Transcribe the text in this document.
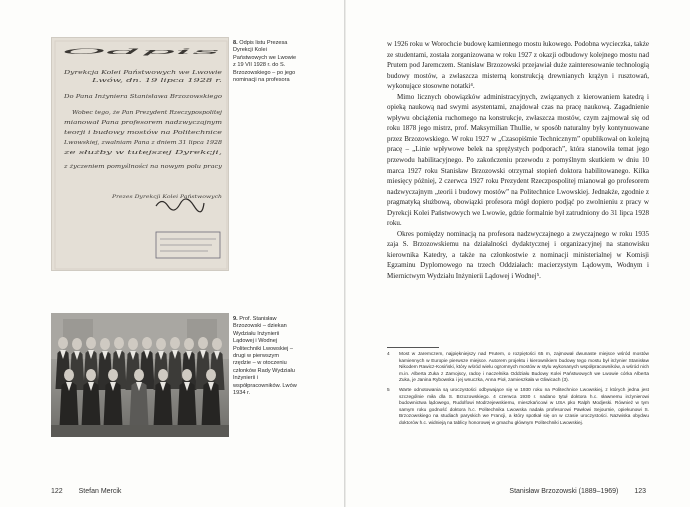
Odpis
Dyrekcja Kolei Państwowych we Lwowie
Lwów, dn. 19 lipca 1928 r.
Do Pana Inżyniera Stanisława Brzozowskiego
Wobec tego, że Pan Prezydent Rzeczypospolitej
mianował Pana profesorem nadzwyczajnym
teorji i budowy mostów na Politechnice
Lwowskiej, zwalniam Pana z dniem 31 lipca 1928
ze służby w tutejszej Dyrekcji,
z życzeniem pomyślności na nowym polu pracy
Prezes Dyrekcji Kolei Państwowych
8. Odpis listu Prezesa Dyrekcji Kolei Państwowych we Lwowie z 19 VII 1928 r. do S. Brzozowskiego – po jego nominacji na profesora
9. Prof. Stanisław Brzozowski – dziekan Wydziału Inżynierii Lądowej i Wodnej Politechniki Lwowskiej – drugi w pierwszym rzędzie – w otoczeniu członków Rady Wydziału Inżynierii i współpracowników. Lwów 1934 r.
122 Stefan Mercik

w 1926 roku w Worochcie budowę kamiennego mostu łukowego. Podobna wycieczka, także ze studentami, została zorganizowana w roku 1927 z okazji odbudowy kolejnego mostu nad Prutem pod Jaremczem. Stanisław Brzozowski przejawiał duże zainteresowanie technologią budowy mostów, a zwłaszcza misterną konstrukcją drewnianych krążyn i rusztowań, wykonujące stosowne notatki⁴.

Mimo licznych obowiązków administracyjnych, związanych z kierowaniem katedrą i opieką naukową nad swymi asystentami, znajdował czas na pracę naukową. Zagadnienie wpływu obciążenia ruchomego na konstrukcje, zwłaszcza mostów, czym zajmował się od roku 1878 jego mistrz, prof. Maksymilian Thullie, w sposób naturalny były kontynuowane przez Brzozowskiego. W roku 1927 w „Czasopiśmie Technicznym” opublikował on kolejną pracę – „Linie wpływowe belek na sprężystych podporach”, która stanowiła temat jego przewodu habilitacyjnego. Po zakończeniu przewodu z pomyślnym skutkiem w dniu 10 marca 1927 roku Stanisław Brzozowski otrzymał stopień doktora habilitowanego. Kilka miesięcy później, 2 czerwca 1927 roku Prezydent Rzeczpospolitej mianował go profesorem nadzwyczajnym „teorii i budowy mostów” na Politechnice Lwowskiej. Jednakże, zgodnie z pragmatyką służbową, obowiązki profesora mógł dopiero podjąć po zwolnieniu z pracy w Dyrekcji Kolei Państwowych we Lwowie, gdzie formalnie był zatrudniony do 31 lipca 1928 roku.

Okres pomiędzy nominacją na profesora nadzwyczajnego a zwyczajnego w roku 1935 zaja S. Brzozowskiemu na działalności dydaktycznej i organizacyjnej na stanowisku kierownika Katedry, a także na członkostwie z nominacji ministerialnej w Komisji Egzaminu Dyplomowego na trzech Oddziałach: macierzystym Lądowym, Wodnym i Miernictwym Wydziału Inżynierii Lądowej i Wodnej⁵.

4	Most w Jaremczem, najpiękniejszy nad Prutem, o rozpiętości 65 m, zajmował dwunaste miejsce wśród mostów kamiennych w Europie pierwsze miejsce. Autorem projektu i kierownikiem budowy tego mostu był inżynier Stanisław Nikodem Rawicz-Kosiński, który wśród wielu ogromnych mostów w stylu wykonanych współpracowników, a wśród nich m.in. Alberta Zuka z Zamojscy, radcę i naczelnika Oddziału Budowy Kolei Państwowych we Lwowie córka Alberta Zuka, je Janina Rybowska i jej wnuczka, Anna Pioł, zamieszkała w Gliwicach (3).
5	Warte odnotowania są uroczystości odbywające się w 1930 roku na Politechnice Lwowskiej, z których jedna jest szczególnie miła dla S. Brzozowskiego. 4 czerwca 1930 r. nadano tytuł doktora h.c. sławnemu inżynierowi budownictwa lądowego, Rudolfowi Modrzejewskiemu, mieszkańcowi w USA pko Ralph Modjeski. Również w tym samym roku godność doktora h.c. Politechnika Lwowska nadała profesorowi Pawłowi Sejournie, opiekunowi S. Brzozowskiego na studiach paryskich we Francji, a który spotkał się on w czasie uroczystości. Nazwiska obydwu doktorów h.c. widnieją na tablicy honorowej w gmachu głównym Politechniki Lwowskiej.
Stanisław Brzozowski (1889–1969) 123
